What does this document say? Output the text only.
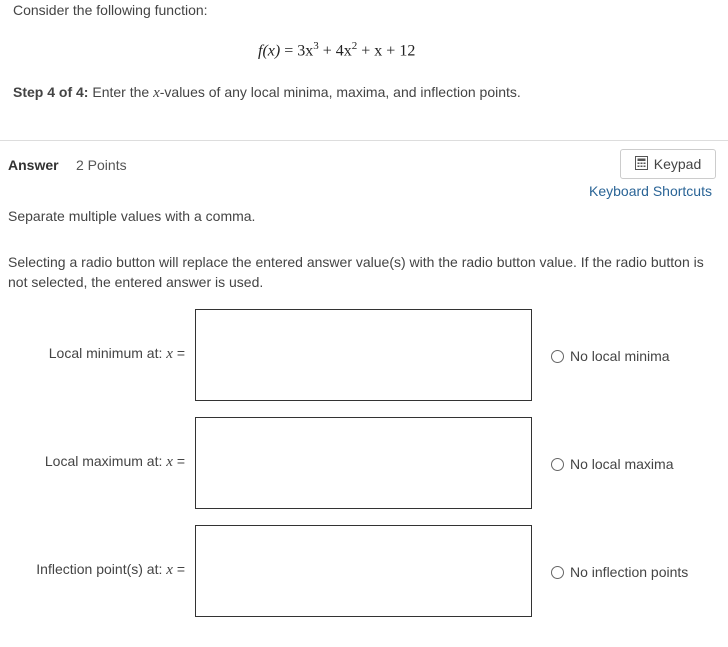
Consider the following function:
$f(x) = 3x^3 + 4x^2 + x + 12$
Step 4 of 4: Enter the x-values of any local minima, maxima, and inflection points.
Answer 2 Points	Keypad
Keyboard Shortcuts
Separate multiple values with a comma.
Selecting a radio button will replace the entered answer value(s) with the radio button value. If the radio button is not selected, the entered answer is used.
Local minimum at: x =	No local minima
Local maximum at: x =	No local maxima
Inflection point(s) at: x =	No inflection points
